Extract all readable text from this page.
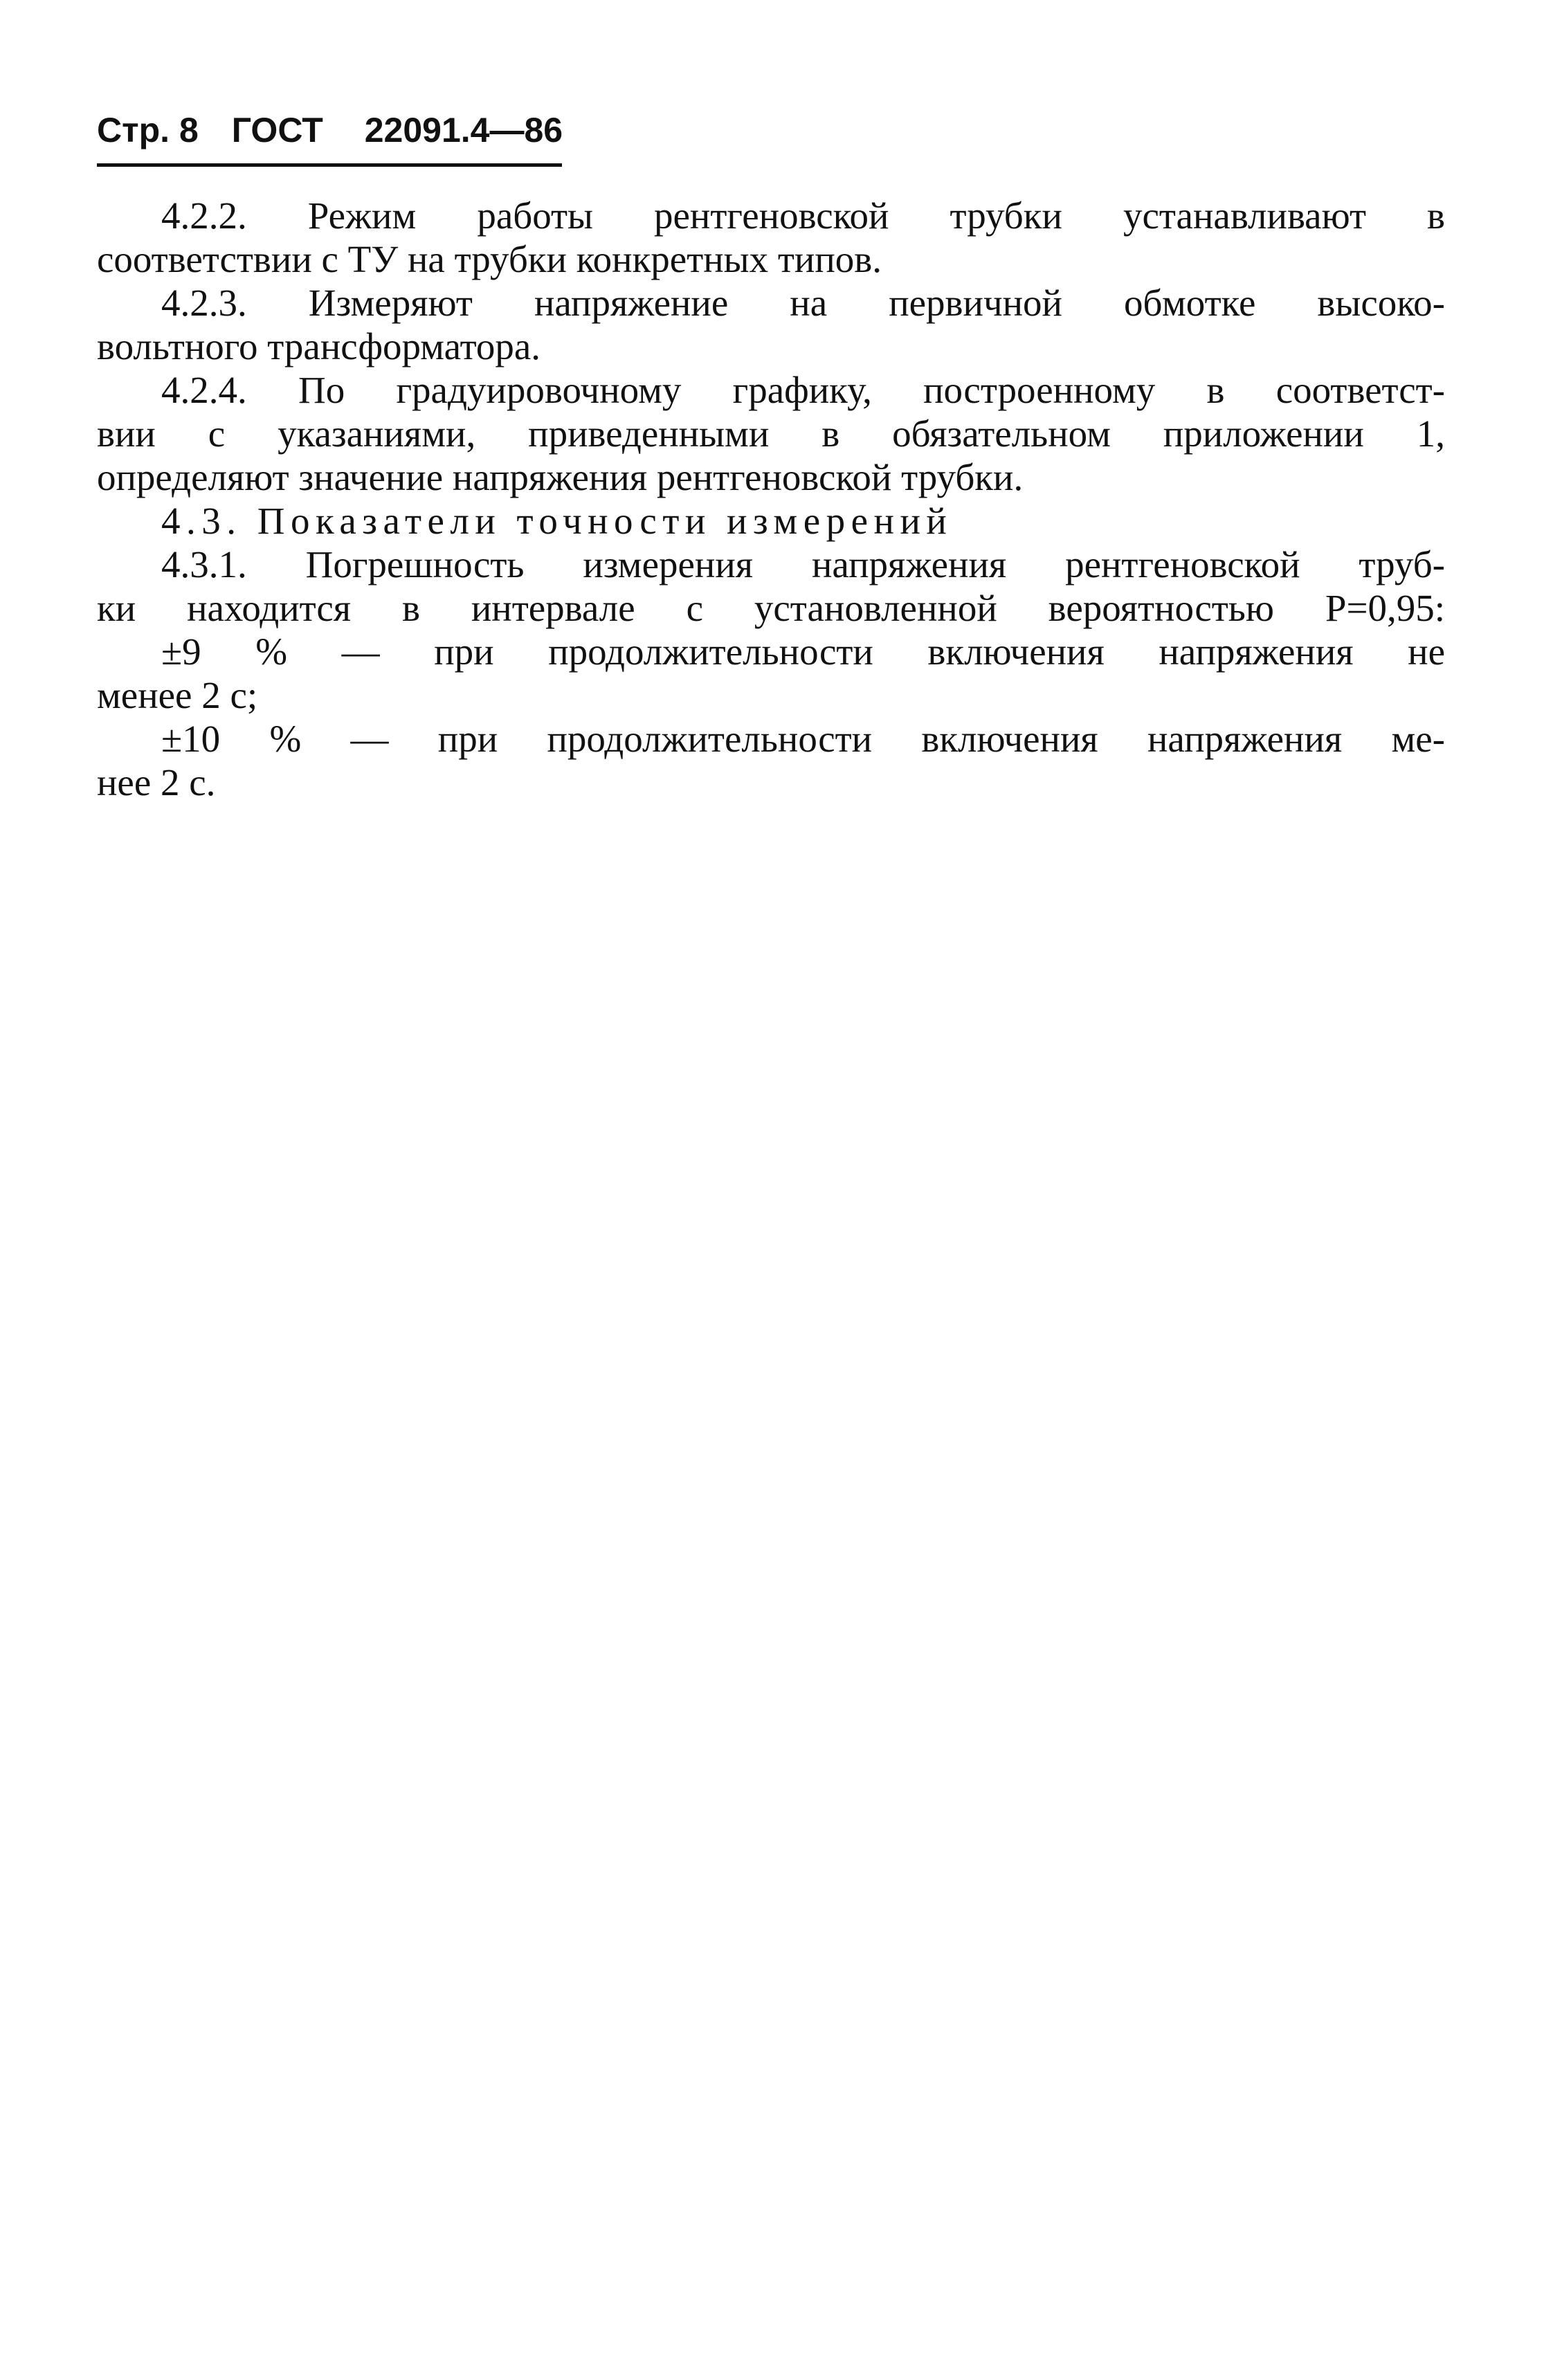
Стр. 8 ГОСТ 22091.4—86
4.2.2. Режим работы рентгеновской трубки устанавливают в
соответствии с ТУ на трубки конкретных типов.
4.2.3. Измеряют напряжение на первичной обмотке высоко-
вольтного трансформатора.
4.2.4. По градуировочному графику, построенному в соответст-
вии с указаниями, приведенными в обязательном приложении 1,
определяют значение напряжения рентгеновской трубки.
4.3. Показатели точности измерений
4.3.1. Погрешность измерения напряжения рентгеновской труб-
ки находится в интервале с установленной вероятностью P=0,95:
±9 % — при продолжительности включения напряжения не
менее 2 с;
±10 % — при продолжительности включения напряжения ме-
нее 2 с.
